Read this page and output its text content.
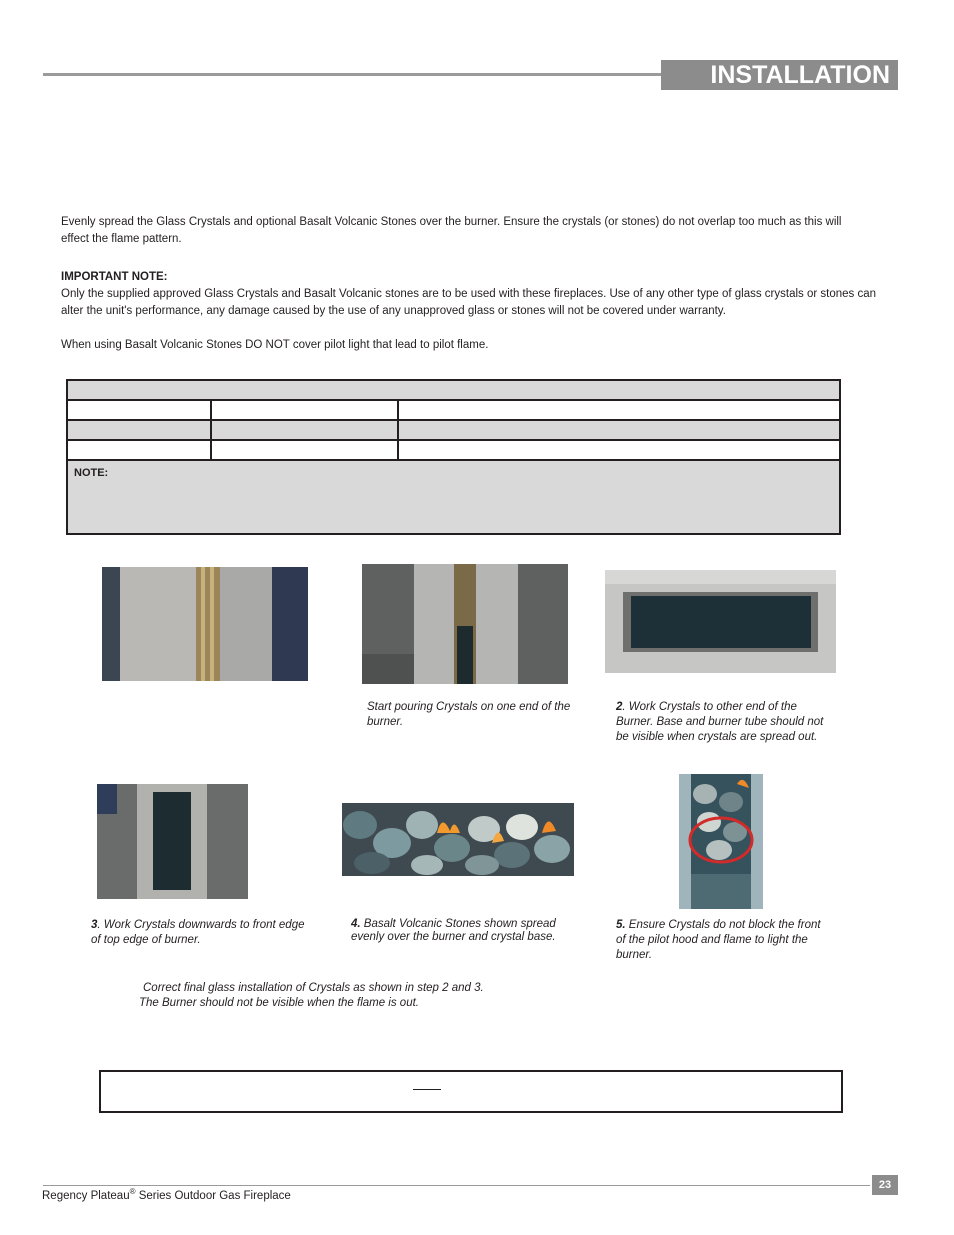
INSTALLATION
Evenly spread the Glass Crystals and optional Basalt Volcanic Stones over the burner. Ensure the crystals (or stones) do not overlap too much as this will effect the flame pattern.
IMPORTANT NOTE:
Only the supplied approved Glass Crystals and Basalt Volcanic stones are to be used with these fireplaces. Use of any other type of glass crystals or stones can alter the unit's performance, any damage caused by the use of any unapproved glass or stones will not be covered under warranty.
When using Basalt Volcanic Stones DO NOT cover pilot light that lead to pilot flame.

NOTE:		
Start pouring Crystals on one end of the burner.
2. Work Crystals to other end of the Burner. Base and burner tube should not be visible when crystals are spread out.
3. Work Crystals downwards to front edge of top edge of burner.
4. Basalt Volcanic Stones shown spread evenly over the burner and crystal base.
5. Ensure Crystals do not block the front of the pilot hood and flame to light the burner.
Correct final glass installation of Crystals as shown in step 2 and 3.
The Burner should not be visible when the flame is out.
23
Regency Plateau® Series Outdoor Gas Fireplace
